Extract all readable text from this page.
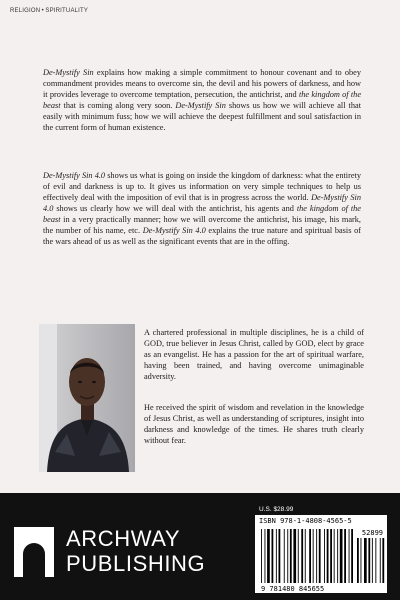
RELIGION • SPIRITUALITY

De-Mystify Sin explains how making a simple commitment to honour covenant and to obey commandment provides means to overcome sin, the devil and his powers of darkness, and how it provides leverage to overcome temptation, persecution, the antichrist, and the kingdom of the beast that is coming along very soon. De-Mystify Sin shows us how we will achieve all that easily with minimum fuss; how we will achieve the deepest fulfillment and soul satisfaction in the current form of human existence.

De-Mystify Sin 4.0 shows us what is going on inside the kingdom of darkness: what the entirety of evil and darkness is up to. It gives us information on very simple techniques to help us effectively deal with the imposition of evil that is in progress across the world. De-Mystify Sin 4.0 shows us clearly how we will deal with the antichrist, his agents and the kingdom of the beast in a very practically manner; how we will overcome the antichrist, his image, his mark, the number of his name, etc. De-Mystify Sin 4.0 explains the true nature and spiritual basis of the wars ahead of us as well as the significant events that are in the offing.

A chartered professional in multiple disciplines, he is a child of GOD, true believer in Jesus Christ, called by GOD, elect by grace as an evangelist. He has a passion for the art of spiritual warfare, having been trained, and having overcome unimaginable adversity.

He received the spirit of wisdom and revelation in the knowledge of Jesus Christ, as well as understanding of scriptures, insight into darkness and knowledge of the times. He shares truth clearly without fear.

ARCHWAY
PUBLISHING
U.S. $28.99
ISBN 978-1-4808-4565-5
52899
9 781480 845655
